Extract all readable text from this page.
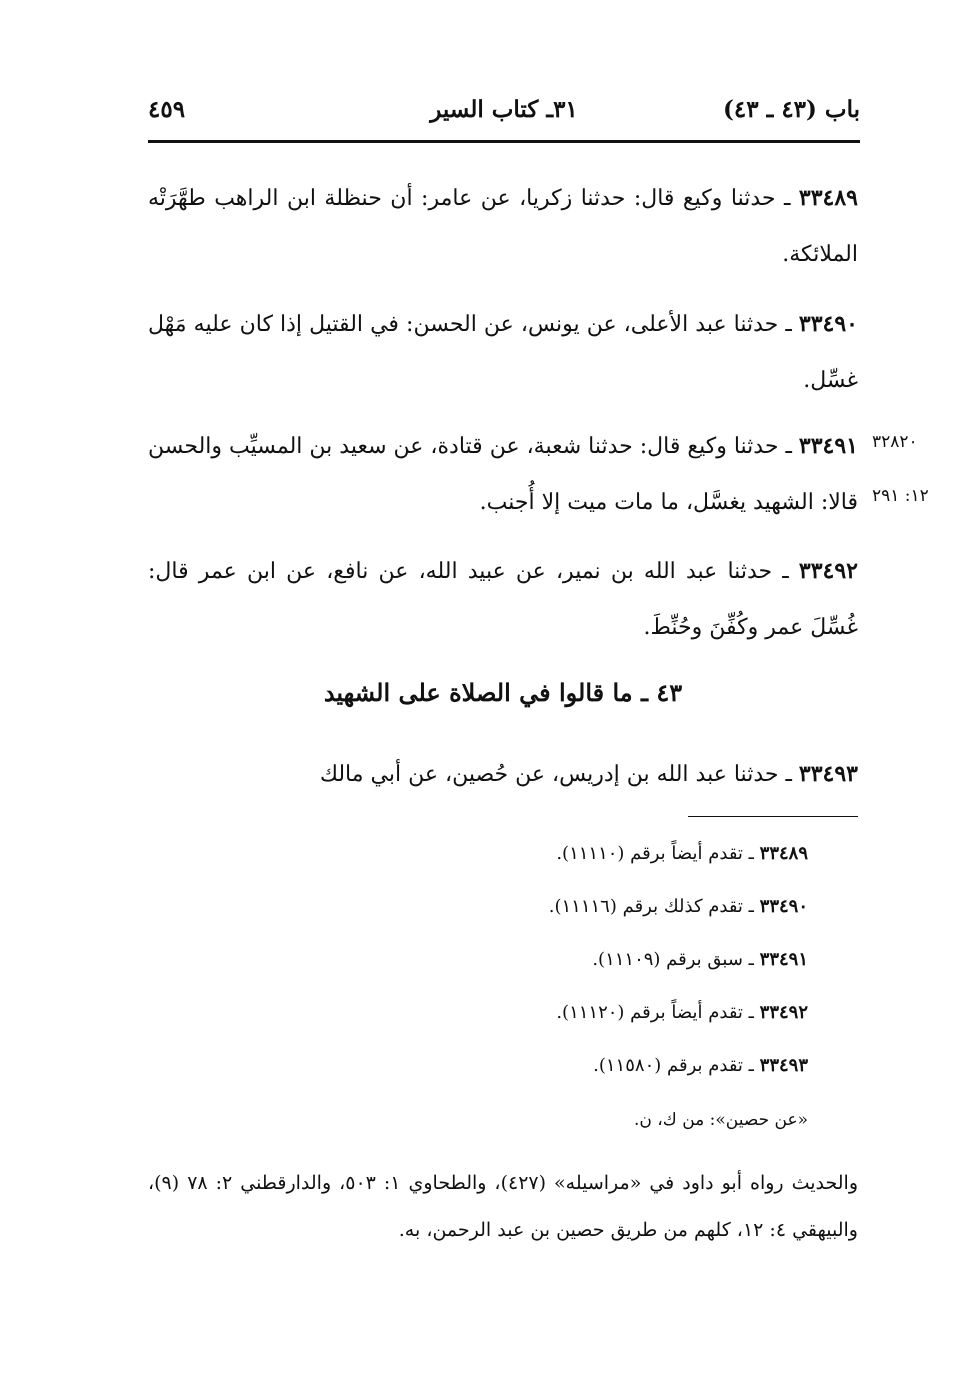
باب (٤٣ ـ ٤٣)
٣١ـ كتاب السير
٤٥٩
٣٣٤٨٩ ـ حدثنا وكيع قال: حدثنا زكريا، عن عامر: أن حنظلة ابن الراهب طهَّرَتْه الملائكة.
٣٣٤٩٠ ـ حدثنا عبد الأعلى، عن يونس، عن الحسن: في القتيل إذا كان عليه مَهْل غسِّل.
٣٣٤٩١ ـ حدثنا وكيع قال: حدثنا شعبة، عن قتادة، عن سعيد بن المسيِّب والحسن قالا: الشهيد يغسَّل، ما مات ميت إلا أُجنب.
٣٢٨٢٠
١٢: ٢٩١
٣٣٤٩٢ ـ حدثنا عبد الله بن نمير، عن عبيد الله، عن نافع، عن ابن عمر قال: غُسِّلَ عمر وكُفِّنَ وحُنِّطَ.
٤٣ ـ ما قالوا في الصلاة على الشهيد
٣٣٤٩٣ ـ حدثنا عبد الله بن إدريس، عن حُصين، عن أبي مالك
٣٣٤٨٩ ـ تقدم أيضاً برقم (١١١١٠).
٣٣٤٩٠ ـ تقدم كذلك برقم (١١١١٦).
٣٣٤٩١ ـ سبق برقم (١١١٠٩).
٣٣٤٩٢ ـ تقدم أيضاً برقم (١١١٢٠).
٣٣٤٩٣ ـ تقدم برقم (١١٥٨٠).
«عن حصين»: من ك، ن.
والحديث رواه أبو داود في «مراسيله» (٤٢٧)، والطحاوي ١: ٥٠٣، والدارقطني ٢: ٧٨ (٩)، والبيهقي ٤: ١٢، كلهم من طريق حصين بن عبد الرحمن، به.
